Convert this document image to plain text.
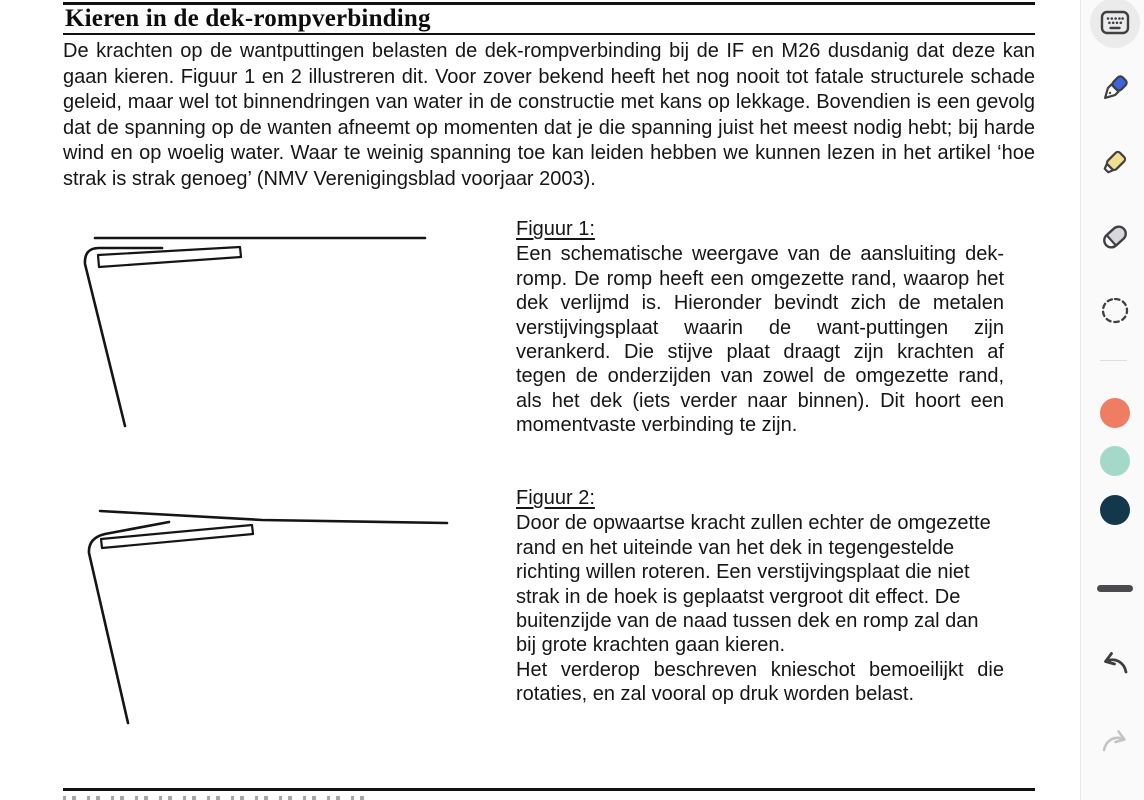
Kieren in de dek-rompverbinding

De krachten op de wantputtingen belasten de dek-rompverbinding bij de IF en M26 dusdanig dat deze kan gaan kieren. Figuur 1 en 2 illustreren dit. Voor zover bekend heeft het nog nooit tot fatale structurele schade geleid, maar wel tot binnendringen van water in de constructie met kans op lekkage. Bovendien is een gevolg dat de spanning op de wanten afneemt op momenten dat je die spanning juist het meest nodig hebt; bij harde wind en op woelig water. Waar te weinig spanning toe kan leiden hebben we kunnen lezen in het artikel ‘hoe strak is strak genoeg’ (NMV Verenigingsblad voorjaar 2003).

Figuur 1:

Een schematische weergave van de aansluiting dek-romp. De romp heeft een omgezette rand, waarop het dek verlijmd is. Hieronder bevindt zich de metalen verstijvingsplaat waarin de want-puttingen zijn verankerd. Die stijve plaat draagt zijn krachten af tegen de onderzijden van zowel de omgezette rand, als het dek (iets verder naar binnen). Dit hoort een momentvaste verbinding te zijn.

Figuur 2:

Door de opwaartse kracht zullen echter de omgezette rand en het uiteinde van het dek in tegengestelde richting willen roteren. Een verstijvingsplaat die niet strak in de hoek is geplaatst vergroot dit effect. De buitenzijde van de naad tussen dek en romp zal dan bij grote krachten gaan kieren.

Het verderop beschreven knieschot bemoeilijkt die rotaties, en zal vooral op druk worden belast.
